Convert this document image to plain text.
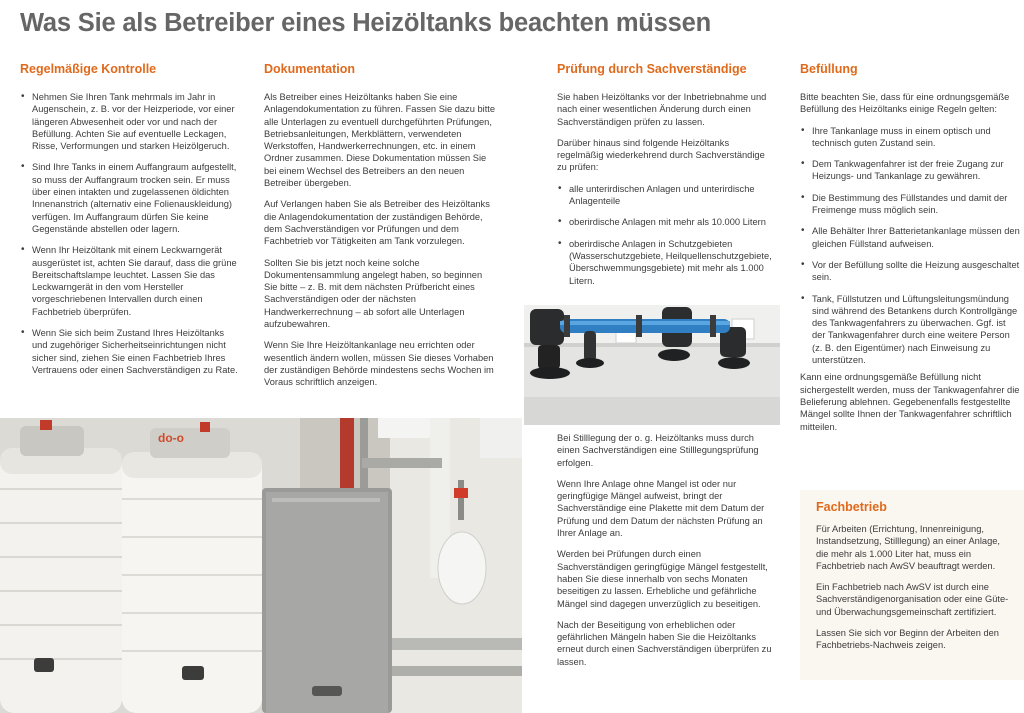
Was Sie als Betreiber eines Heizöltanks beachten müssen
Regelmäßige Kontrolle
• Nehmen Sie Ihren Tank mehrmals im Jahr in Augenschein, z. B. vor der Heizperiode, vor einer längeren Abwesenheit oder vor und nach der Befüllung. Achten Sie auf eventuelle Leckagen, Risse, Verformungen und starken Heizölgeruch.
• Sind Ihre Tanks in einem Auffangraum aufgestellt, so muss der Auffangraum trocken sein. Er muss über einen intakten und zugelassenen öldichten Innenanstrich (alternativ eine Folienauskleidung) verfügen. Im Auffangraum dürfen Sie keine Gegenstände abstellen oder lagern.
• Wenn Ihr Heizöltank mit einem Leckwarngerät ausgerüstet ist, achten Sie darauf, dass die grüne Bereitschaftslampe leuchtet. Lassen Sie das Leckwarngerät in den vom Hersteller vorgeschriebenen Intervallen durch einen Fachbetrieb überprüfen.
• Wenn Sie sich beim Zustand Ihres Heizöltanks und zugehöriger Sicherheitseinrichtungen nicht sicher sind, ziehen Sie einen Fachbetrieb Ihres Vertrauens oder einen Sachverständigen zu Rate.
Dokumentation

Als Betreiber eines Heizöltanks haben Sie eine Anlagendokumentation zu führen. Fassen Sie dazu bitte alle Unterlagen zu eventuell durchgeführten Prüfungen, Betriebsanleitungen, Merkblättern, verwendeten Werkstoffen, Handwerkerrechnungen, etc. in einem Ordner zusammen. Diese Dokumentation müssen Sie bei einem Wechsel des Betreibers an den neuen Betreiber übergeben.

Auf Verlangen haben Sie als Betreiber des Heizöltanks die Anlagendokumentation der zuständigen Behörde, dem Sachverständigen vor Prüfungen und dem Fachbetrieb vor Tätigkeiten am Tank vorzulegen.

Sollten Sie bis jetzt noch keine solche Dokumentensammlung angelegt haben, so beginnen Sie bitte – z. B. mit dem nächsten Prüfbericht eines Sachverständigen oder der nächsten Handwerkerrechnung – ab sofort alle Unterlagen aufzubewahren.

Wenn Sie Ihre Heizöltankanlage neu errichten oder wesentlich ändern wollen, müssen Sie dieses Vorhaben der zuständigen Behörde mindestens sechs Wochen im Voraus schriftlich anzeigen.

Prüfung durch Sachverständige

Sie haben Heizöltanks vor der Inbetriebnahme und nach einer wesentlichen Änderung durch einen Sachverständigen prüfen zu lassen.

Darüber hinaus sind folgende Heizöltanks regelmäßig wiederkehrend durch Sachverständige zu prüfen:

• alle unterirdischen Anlagen und unterirdische Anlagenteile
• oberirdische Anlagen mit mehr als 10.000 Litern
• oberirdische Anlagen in Schutzgebieten (Wasserschutzgebiete, Heilquellenschutzgebiete, Überschwemmungsgebiete) mit mehr als 1.000 Litern.

Bei Stilllegung der o. g. Heizöltanks muss durch einen Sachverständigen eine Stilllegungsprüfung erfolgen.

Wenn Ihre Anlage ohne Mangel ist oder nur geringfügige Mängel aufweist, bringt der Sachverständige eine Plakette mit dem Datum der Prüfung und dem Datum der nächsten Prüfung an Ihrer Anlage an.

Werden bei Prüfungen durch einen Sachverständigen geringfügige Mängel festgestellt, haben Sie diese innerhalb von sechs Monaten beseitigen zu lassen. Erhebliche und gefährliche Mängel sind dagegen unverzüglich zu beseitigen.

Nach der Beseitigung von erheblichen oder gefährlichen Mängeln haben Sie die Heizöltanks erneut durch einen Sachverständigen überprüfen zu lassen.

Befüllung

Bitte beachten Sie, dass für eine ordnungsgemäße Befüllung des Heizöltanks einige Regeln gelten:

• Ihre Tankanlage muss in einem optisch und technisch guten Zustand sein.
• Dem Tankwagenfahrer ist der freie Zugang zur Heizungs- und Tankanlage zu gewähren.
• Die Bestimmung des Füllstandes und damit der Freimenge muss möglich sein.
• Alle Behälter Ihrer Batterietankanlage müssen den gleichen Füllstand aufweisen.
• Vor der Befüllung sollte die Heizung ausgeschaltet sein.
• Tank, Füllstutzen und Lüftungsleitungsmündung sind während des Betankens durch Kontrollgänge des Tankwagenfahrers zu überwachen. Ggf. ist der Tankwagenfahrer durch eine weitere Person (z. B. den Eigentümer) nach Einweisung zu unterstützen.

Kann eine ordnungsgemäße Befüllung nicht sichergestellt werden, muss der Tankwagenfahrer die Belieferung ablehnen. Gegebenenfalls festgestellte Mängel sollte Ihnen der Tankwagenfahrer schriftlich mitteilen.

Fachbetrieb

Für Arbeiten (Errichtung, Innenreinigung, Instandsetzung, Stilllegung) an einer Anlage, die mehr als 1.000 Liter hat, muss ein Fachbetrieb nach AwSV beauftragt werden.

Ein Fachbetrieb nach AwSV ist durch eine Sachverständigenorganisation oder eine Güte- und Überwachungsgemeinschaft zertifiziert.

Lassen Sie sich vor Beginn der Arbeiten den Fachbetriebs-Nachweis zeigen.

do-o
